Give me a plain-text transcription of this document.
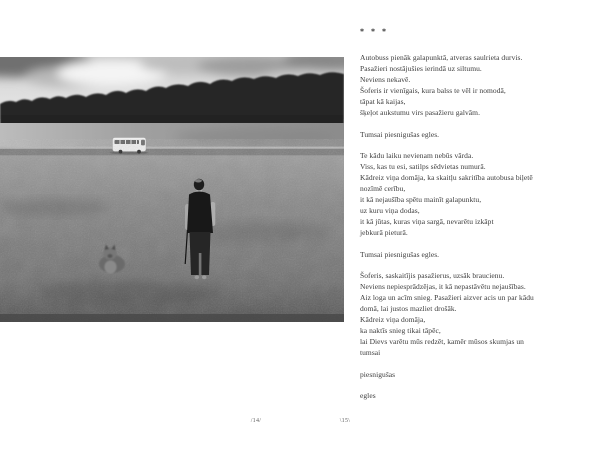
* * *
Autobuss pienāk galapunktā, atveras saulrieta durvis.
Pasažieri nostājušies ierindā uz siltumu.
Neviens nekavē.
Šoferis ir vienīgais, kura balss te vēl ir nomodā,
tāpat kā kaijas,
šķeļot aukstumu virs pasažieru galvām.
Tumsai piesnigušas egles.
Te kādu laiku nevienam nebūs vārda.
Viss, kas tu esi, satilps sēdvietas numurā.
Kādreiz viņa domāja, ka skaitļu sakritība autobusa biļetē
nozīmē cerību,
it kā nejaušība spētu mainīt galapunktu,
uz kuru viņa dodas,
it kā jūtas, kuras viņa sargā, nevarētu izkāpt
jebkurā pieturā.
Tumsai piesnigušas egles.
Šoferis, saskaitījis pasažierus, uzsāk braucienu.
Neviens nepiesprādzējas, it kā nepastāvētu nejaušības.
Aiz loga un acīm snieg. Pasažieri aizver acis un par kādu
domā, lai justos mazliet drošāk.
Kādreiz viņa domāja,
ka naktīs snieg tikai tāpēc,
lai Dievs varētu mūs redzēt, kamēr mūsos skumjas un
tumsai
piesnigušas
egles
/14/	\15\
